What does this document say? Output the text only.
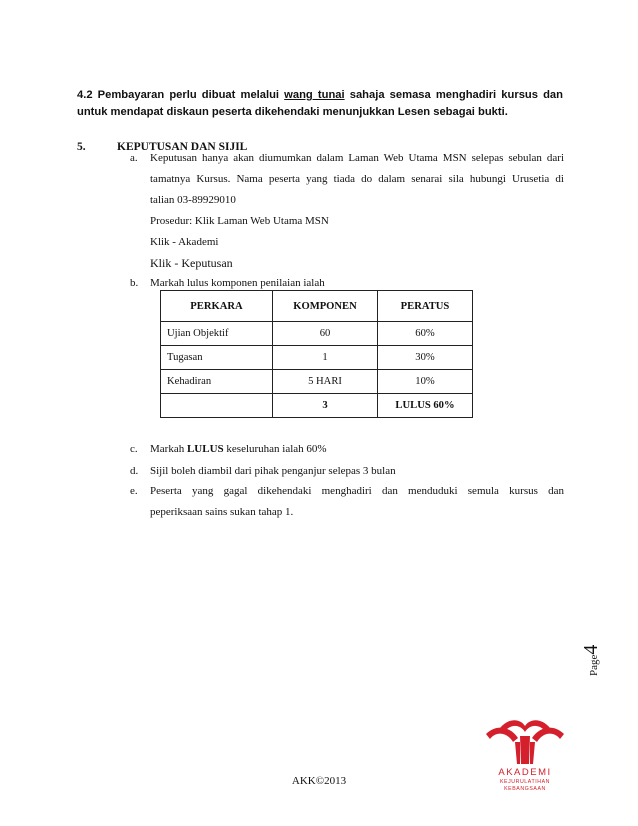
4.2 Pembayaran perlu dibuat melalui wang tunai sahaja semasa menghadiri kursus dan untuk mendapat diskaun peserta dikehendaki menunjukkan Lesen sebagai bukti.
5.	KEPUTUSAN DAN SIJIL
a. Keputusan hanya akan diumumkan dalam Laman Web Utama MSN selepas sebulan dari
tamatnya Kursus. Nama peserta yang tiada do dalam senarai sila hubungi Urusetia di
talian 03-89929010
Prosedur: Klik Laman Web Utama MSN
Klik - Akademi
Klik - Keputusan
b. Markah lulus komponen penilaian ialah
PERKARA	KOMPONEN	PERATUS
Ujian Objektif	60	60%
Tugasan	1	30%
Kehadiran	5 HARI	10%
	3	LULUS 60%
c. Markah LULUS keseluruhan ialah 60%
d. Sijil boleh diambil dari pihak penganjur selepas 3 bulan
e. Peserta yang gagal dikehendaki menghadiri dan menduduki semula kursus dan
peperiksaan sains sukan tahap 1.
Page4
AKADEMI
KEJURULATIHAN
KEBANGSAAN
AKK©2013
